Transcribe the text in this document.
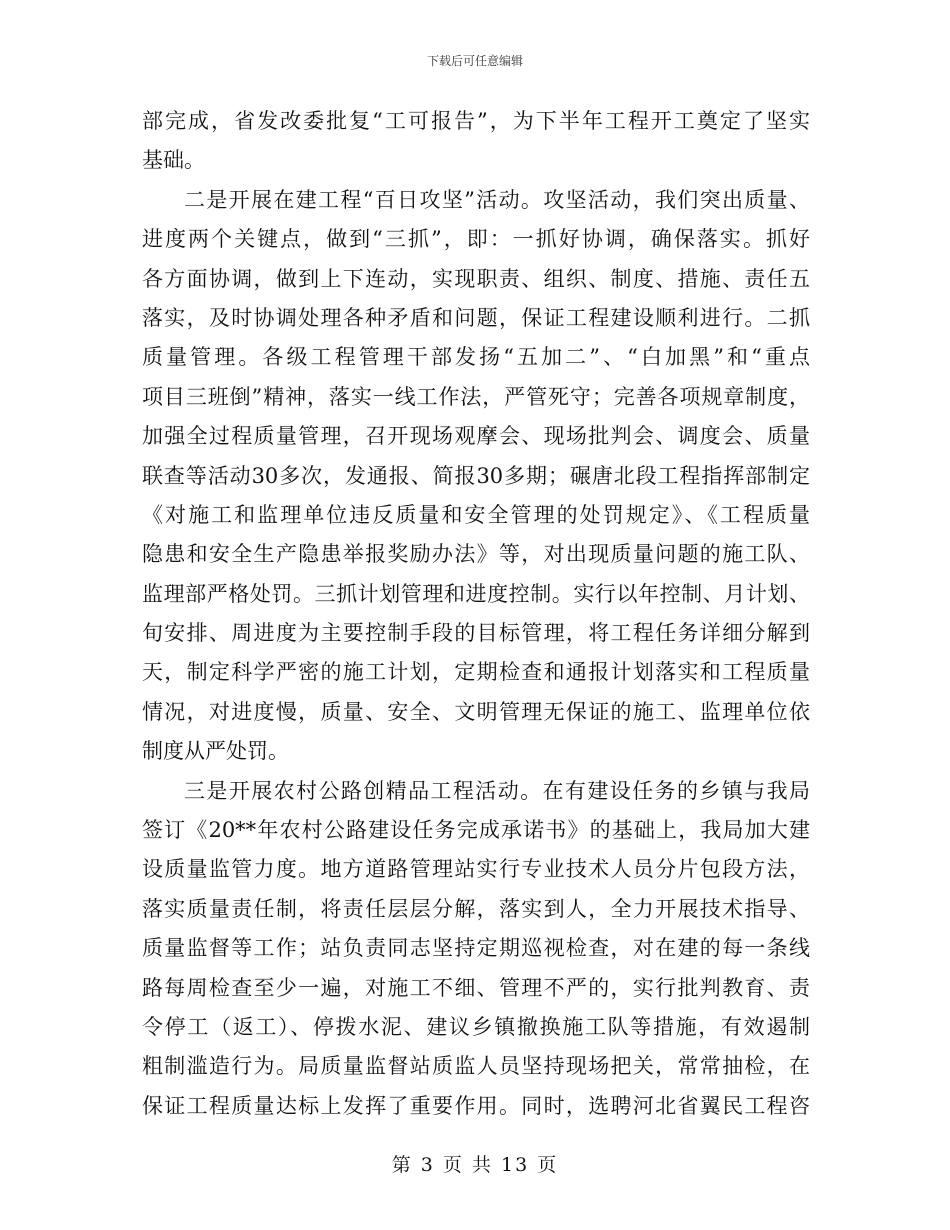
下载后可任意编辑
部完成，省发改委批复“工可报告”，为下半年工程开工奠定了坚实
基础。
二是开展在建工程“百日攻坚”活动。攻坚活动，我们突出质量、
进度两个关键点，做到“三抓”，即：一抓好协调，确保落实。抓好
各方面协调，做到上下连动，实现职责、组织、制度、措施、责任五
落实，及时协调处理各种矛盾和问题，保证工程建设顺利进行。二抓
质量管理。各级工程管理干部发扬“五加二”、“白加黑”和“重点
项目三班倒”精神，落实一线工作法，严管死守；完善各项规章制度，
加强全过程质量管理，召开现场观摩会、现场批判会、调度会、质量
联查等活动30多次，发通报、简报30多期；碾唐北段工程指挥部制定
《对施工和监理单位违反质量和安全管理的处罚规定》、《工程质量
隐患和安全生产隐患举报奖励办法》等，对出现质量问题的施工队、
监理部严格处罚。三抓计划管理和进度控制。实行以年控制、月计划、
旬安排、周进度为主要控制手段的目标管理，将工程任务详细分解到
天，制定科学严密的施工计划，定期检查和通报计划落实和工程质量
情况，对进度慢，质量、安全、文明管理无保证的施工、监理单位依
制度从严处罚。
三是开展农村公路创精品工程活动。在有建设任务的乡镇与我局
签订《20**年农村公路建设任务完成承诺书》的基础上，我局加大建
设质量监管力度。地方道路管理站实行专业技术人员分片包段方法，
落实质量责任制，将责任层层分解，落实到人，全力开展技术指导、
质量监督等工作；站负责同志坚持定期巡视检查，对在建的每一条线
路每周检查至少一遍，对施工不细、管理不严的，实行批判教育、责
令停工（返工）、停拨水泥、建议乡镇撤换施工队等措施，有效遏制
粗制滥造行为。局质量监督站质监人员坚持现场把关，常常抽检，在
保证工程质量达标上发挥了重要作用。同时，选聘河北省翼民工程咨
第 3 页 共 13 页
